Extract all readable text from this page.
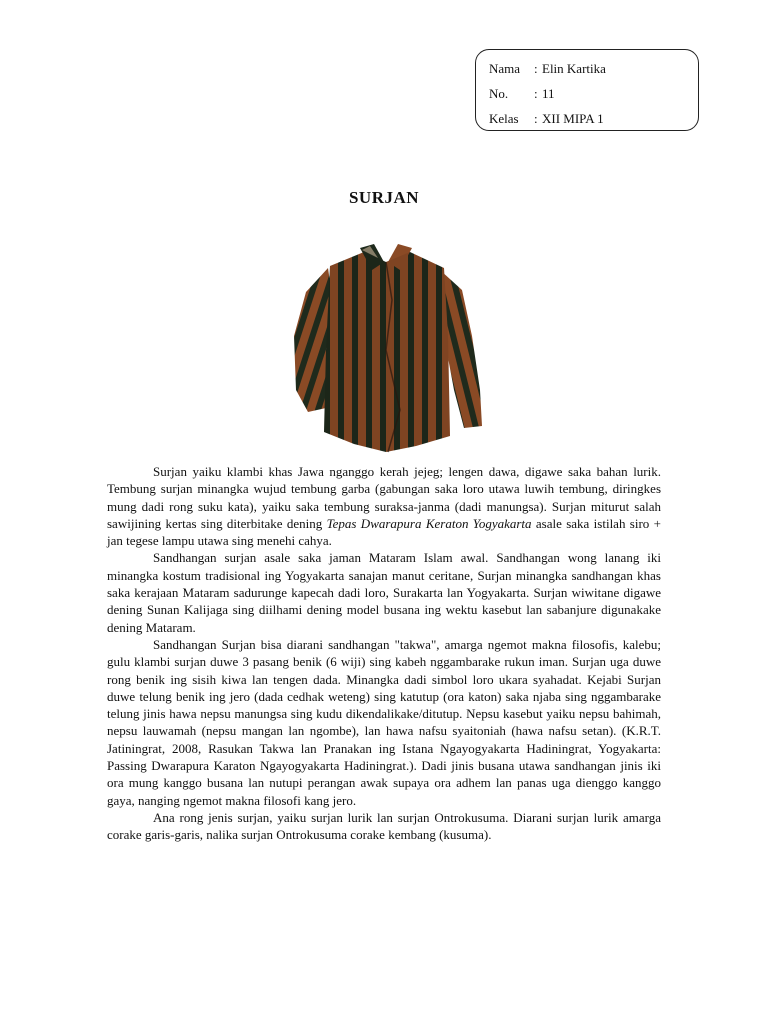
Nama	: Elin Kartika
No.	: 11
Kelas	: XII MIPA 1
SURJAN

Surjan yaiku klambi khas Jawa nganggo kerah jejeg; lengen dawa, digawe saka bahan lurik. Tembung surjan minangka wujud tembung garba (gabungan saka loro utawa luwih tembung, diringkes mung dadi rong suku kata), yaiku saka tembung suraksa-janma (dadi manungsa). Surjan miturut salah sawijining kertas sing diterbitake dening Tepas Dwarapura Keraton Yogyakarta asale saka istilah siro + jan tegese lampu utawa sing menehi cahya.

Sandhangan surjan asale saka jaman Mataram Islam awal. Sandhangan wong lanang iki minangka kostum tradisional ing Yogyakarta sanajan manut ceritane, Surjan minangka sandhangan khas saka kerajaan Mataram sadurunge kapecah dadi loro, Surakarta lan Yogyakarta. Surjan wiwitane digawe dening Sunan Kalijaga sing diilhami dening model busana ing wektu kasebut lan sabanjure digunakake dening Mataram.

Sandhangan Surjan bisa diarani sandhangan "takwa", amarga ngemot makna filosofis, kalebu; gulu klambi surjan duwe 3 pasang benik (6 wiji) sing kabeh nggambarake rukun iman. Surjan uga duwe rong benik ing sisih kiwa lan tengen dada. Minangka dadi simbol loro ukara syahadat. Kejabi Surjan duwe telung benik ing jero (dada cedhak weteng) sing katutup (ora katon) saka njaba sing nggambarake telung jinis hawa nepsu manungsa sing kudu dikendalikake/ditutup. Nepsu kasebut yaiku nepsu bahimah, nepsu lauwamah (nepsu mangan lan ngombe), lan hawa nafsu syaitoniah (hawa nafsu setan). (K.R.T. Jatiningrat, 2008, Rasukan Takwa lan Pranakan ing Istana Ngayogyakarta Hadiningrat, Yogyakarta: Passing Dwarapura Karaton Ngayogyakarta Hadiningrat.). Dadi jinis busana utawa sandhangan jinis iki ora mung kanggo busana lan nutupi perangan awak supaya ora adhem lan panas uga dienggo kanggo gaya, nanging ngemot makna filosofi kang jero.

Ana rong jenis surjan, yaiku surjan lurik lan surjan Ontrokusuma. Diarani surjan lurik amarga corake garis-garis, nalika surjan Ontrokusuma corake kembang (kusuma).
